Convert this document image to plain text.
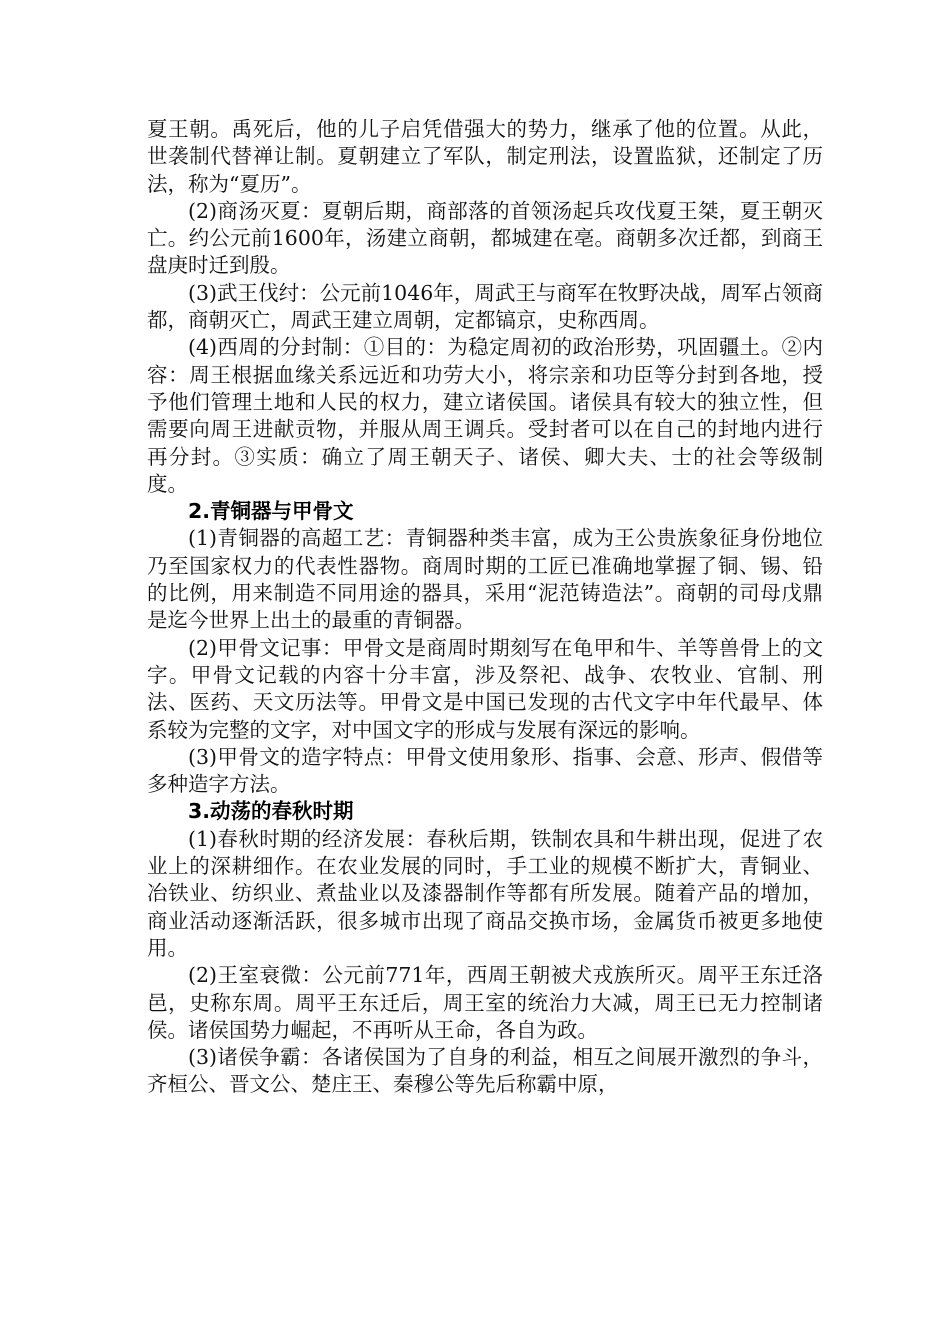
夏王朝。禹死后，他的儿子启凭借强大的势力，继承了他的位置。从此，世袭制代替禅让制。夏朝建立了军队，制定刑法，设置监狱，还制定了历法，称为“夏历”。

(2)商汤灭夏：夏朝后期，商部落的首领汤起兵攻伐夏王桀，夏王朝灭亡。约公元前1600年，汤建立商朝，都城建在亳。商朝多次迁都，到商王盘庚时迁到殷。

(3)武王伐纣：公元前1046年，周武王与商军在牧野决战，周军占领商都，商朝灭亡，周武王建立周朝，定都镐京，史称西周。

(4)西周的分封制：①目的：为稳定周初的政治形势，巩固疆土。②内容：周王根据血缘关系远近和功劳大小，将宗亲和功臣等分封到各地，授予他们管理土地和人民的权力，建立诸侯国。诸侯具有较大的独立性，但需要向周王进献贡物，并服从周王调兵。受封者可以在自己的封地内进行再分封。③实质：确立了周王朝天子、诸侯、卿大夫、士的社会等级制度。

2.青铜器与甲骨文

(1)青铜器的高超工艺：青铜器种类丰富，成为王公贵族象征身份地位乃至国家权力的代表性器物。商周时期的工匠已准确地掌握了铜、锡、铅的比例，用来制造不同用途的器具，采用“泥范铸造法”。商朝的司母戊鼎是迄今世界上出土的最重的青铜器。

(2)甲骨文记事：甲骨文是商周时期刻写在龟甲和牛、羊等兽骨上的文字。甲骨文记载的内容十分丰富，涉及祭祀、战争、农牧业、官制、刑法、医药、天文历法等。甲骨文是中国已发现的古代文字中年代最早、体系较为完整的文字，对中国文字的形成与发展有深远的影响。

(3)甲骨文的造字特点：甲骨文使用象形、指事、会意、形声、假借等多种造字方法。

3.动荡的春秋时期

(1)春秋时期的经济发展：春秋后期，铁制农具和牛耕出现，促进了农业上的深耕细作。在农业发展的同时，手工业的规模不断扩大，青铜业、冶铁业、纺织业、煮盐业以及漆器制作等都有所发展。随着产品的增加，商业活动逐渐活跃，很多城市出现了商品交换市场，金属货币被更多地使用。

(2)王室衰微：公元前771年，西周王朝被犬戎族所灭。周平王东迁洛邑，史称东周。周平王东迁后，周王室的统治力大减，周王已无力控制诸侯。诸侯国势力崛起，不再听从王命，各自为政。

(3)诸侯争霸：各诸侯国为了自身的利益，相互之间展开激烈的争斗，齐桓公、晋文公、楚庄王、秦穆公等先后称霸中原，
